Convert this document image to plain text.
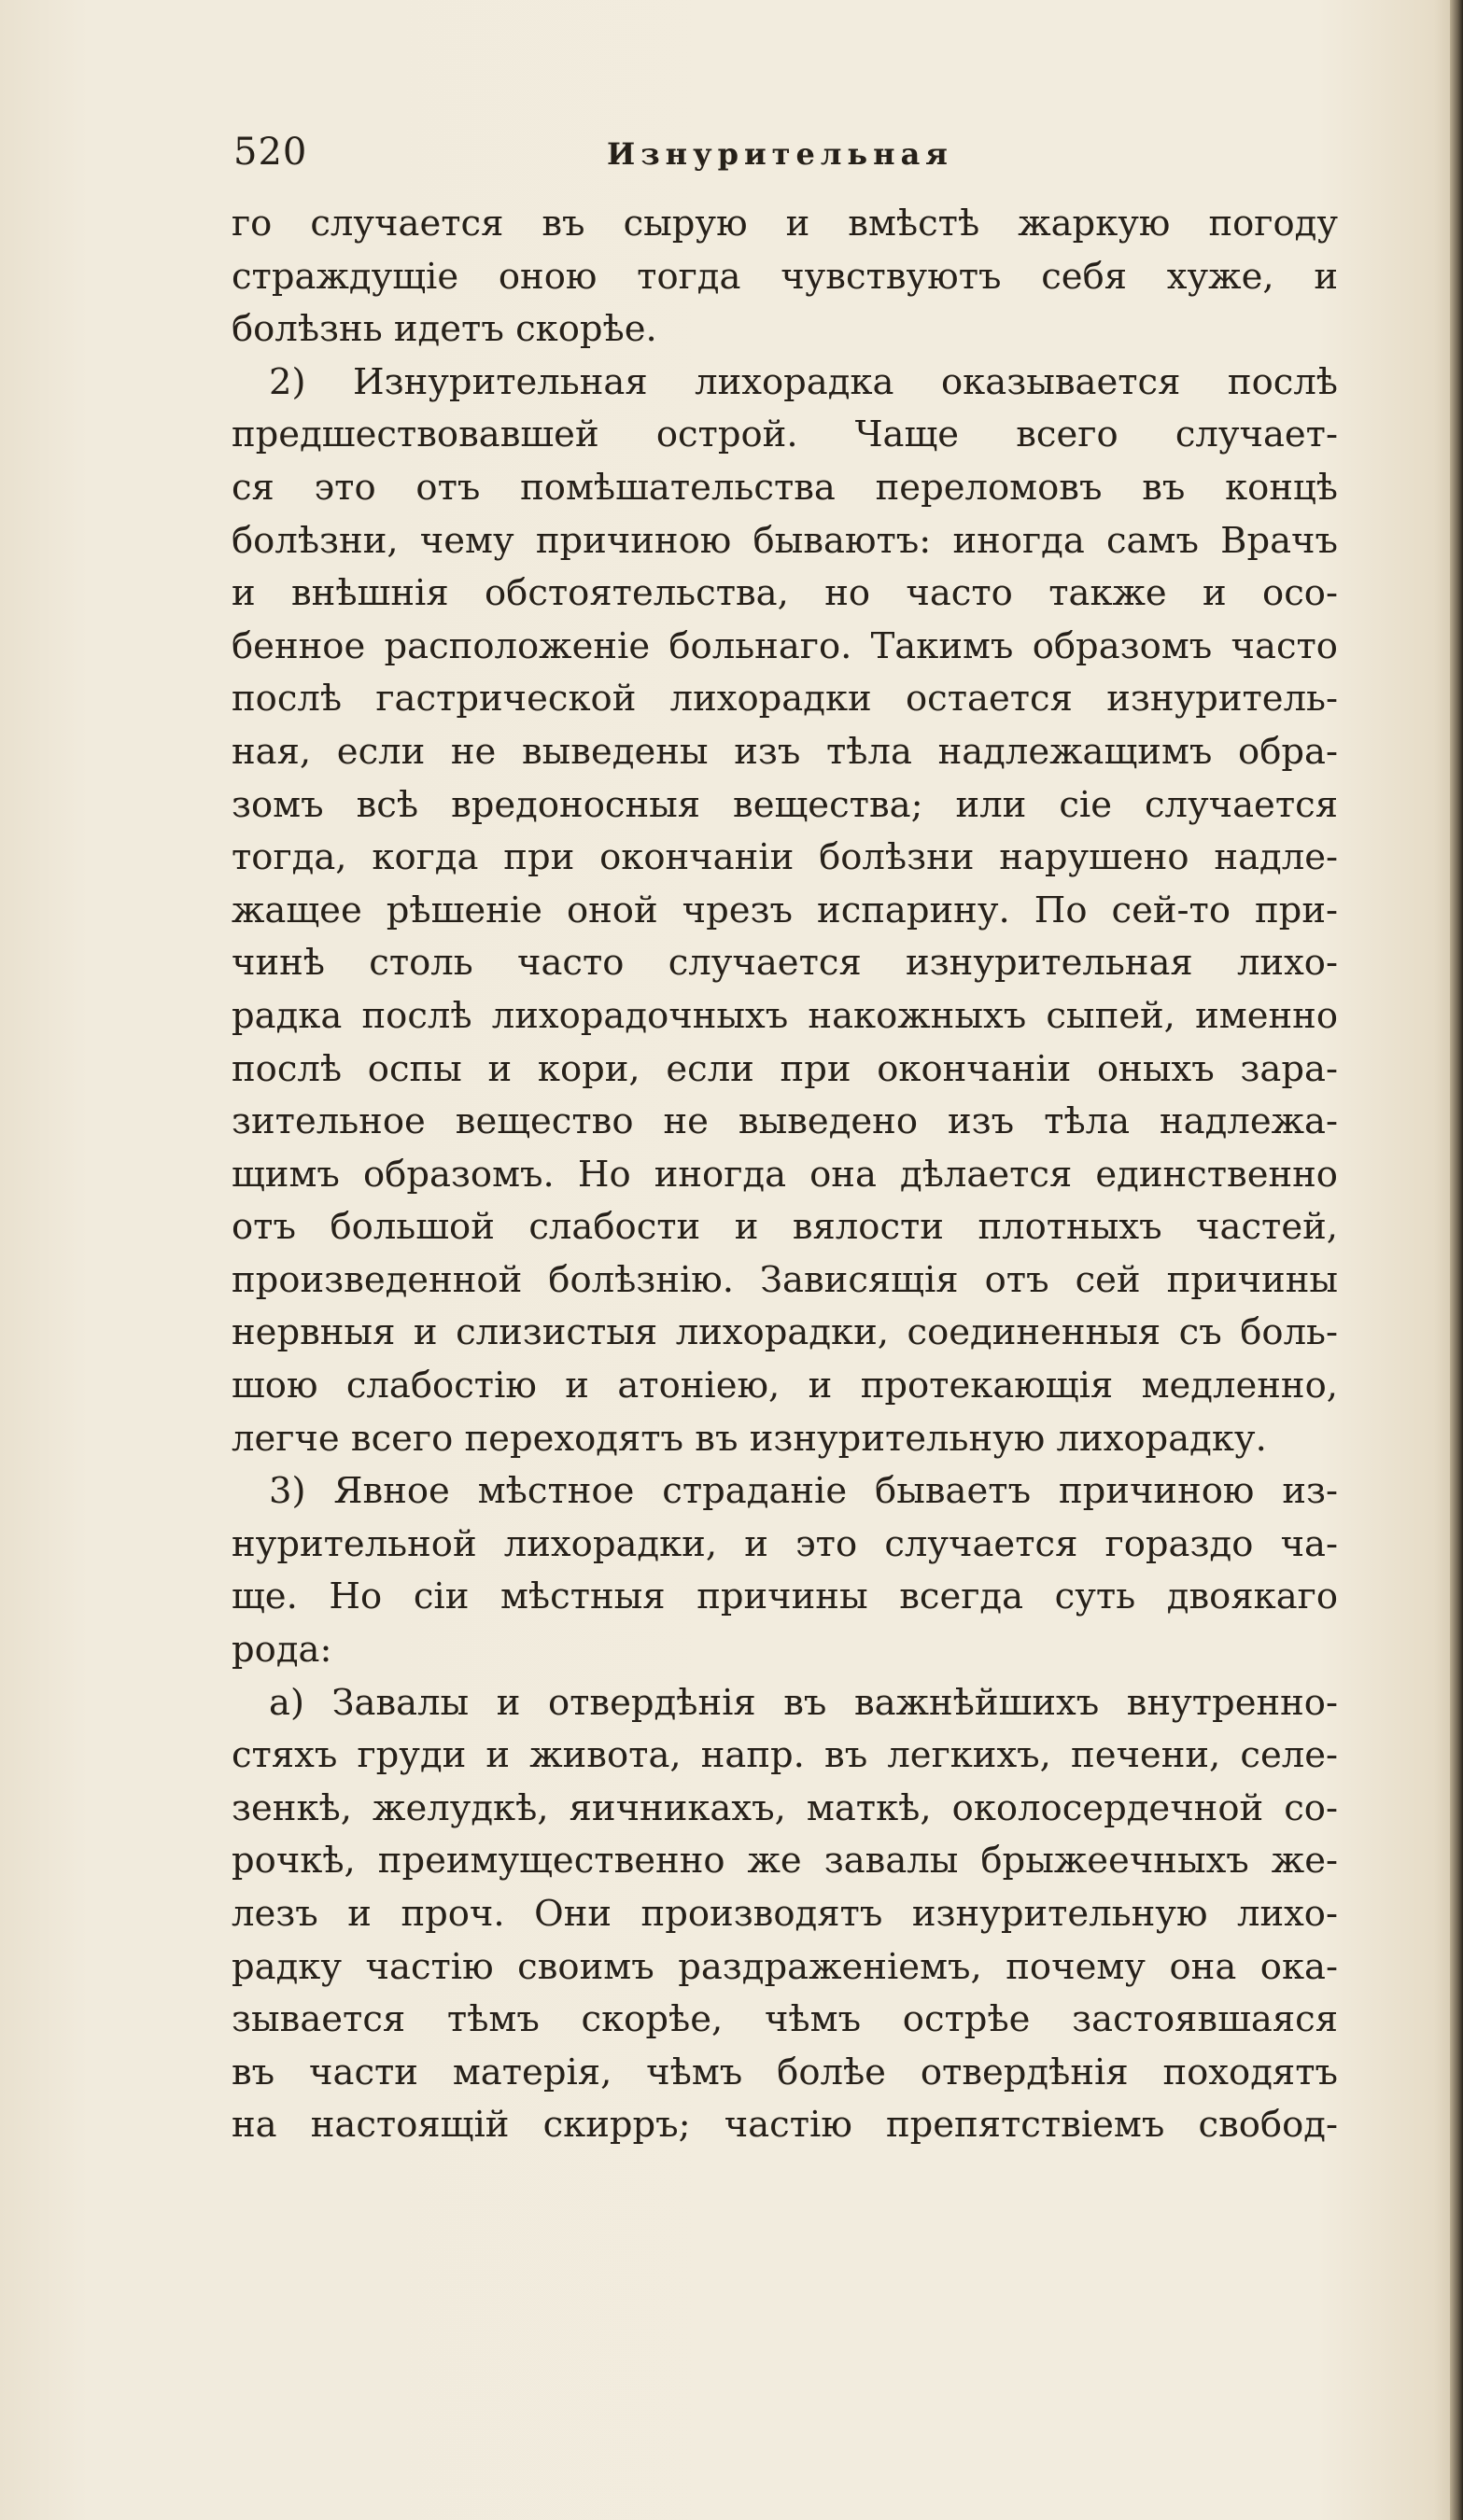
520	Изнурительная
го случается въ сырую и вмѣстѣ жаркую погоду
страждущіе оною тогда чувствуютъ себя хуже, и
болѣзнь идетъ скорѣе.
2) Изнурительная лихорадка оказывается послѣ
предшествовавшей острой. Чаще всего случает-
ся это отъ помѣшательства переломовъ въ концѣ
болѣзни, чему причиною бываютъ: иногда самъ Врачъ
и внѣшнія обстоятельства, но часто также и осо-
бенное расположеніе больнаго. Такимъ образомъ часто
послѣ гастрической лихорадки остается изнуритель-
ная, если не выведены изъ тѣла надлежащимъ обра-
зомъ всѣ вредоносныя вещества; или сіе случается
тогда, когда при окончаніи болѣзни нарушено надле-
жащее рѣшеніе оной чрезъ испарину. По сей-то при-
чинѣ столь часто случается изнурительная лихо-
радка послѣ лихорадочныхъ накожныхъ сыпей, именно
послѣ оспы и кори, если при окончаніи оныхъ зара-
зительное вещество не выведено изъ тѣла надлежа-
щимъ образомъ. Но иногда она дѣлается единственно
отъ большой слабости и вялости плотныхъ частей,
произведенной болѣзнію. Зависящія отъ сей причины
нервныя и слизистыя лихорадки, соединенныя съ боль-
шою слабостію и атоніею, и протекающія медленно,
легче всего переходятъ въ изнурительную лихорадку.
3) Явное мѣстное страданіе бываетъ причиною из-
нурительной лихорадки, и это случается гораздо ча-
ще. Но сіи мѣстныя причины всегда суть двоякаго
рода:
a) Завалы и отвердѣнія въ важнѣйшихъ внутренно-
стяхъ груди и живота, напр. въ легкихъ, печени, селе-
зенкѣ, желудкѣ, яичникахъ, маткѣ, околосердечной со-
рочкѣ, преимущественно же завалы брыжеечныхъ же-
лезъ и проч. Они производятъ изнурительную лихо-
радку частію своимъ раздраженіемъ, почему она ока-
зывается тѣмъ скорѣе, чѣмъ острѣе застоявшаяся
въ части матерія, чѣмъ болѣе отвердѣнія походятъ
на настоящій скирръ; частію препятствіемъ свобод-
